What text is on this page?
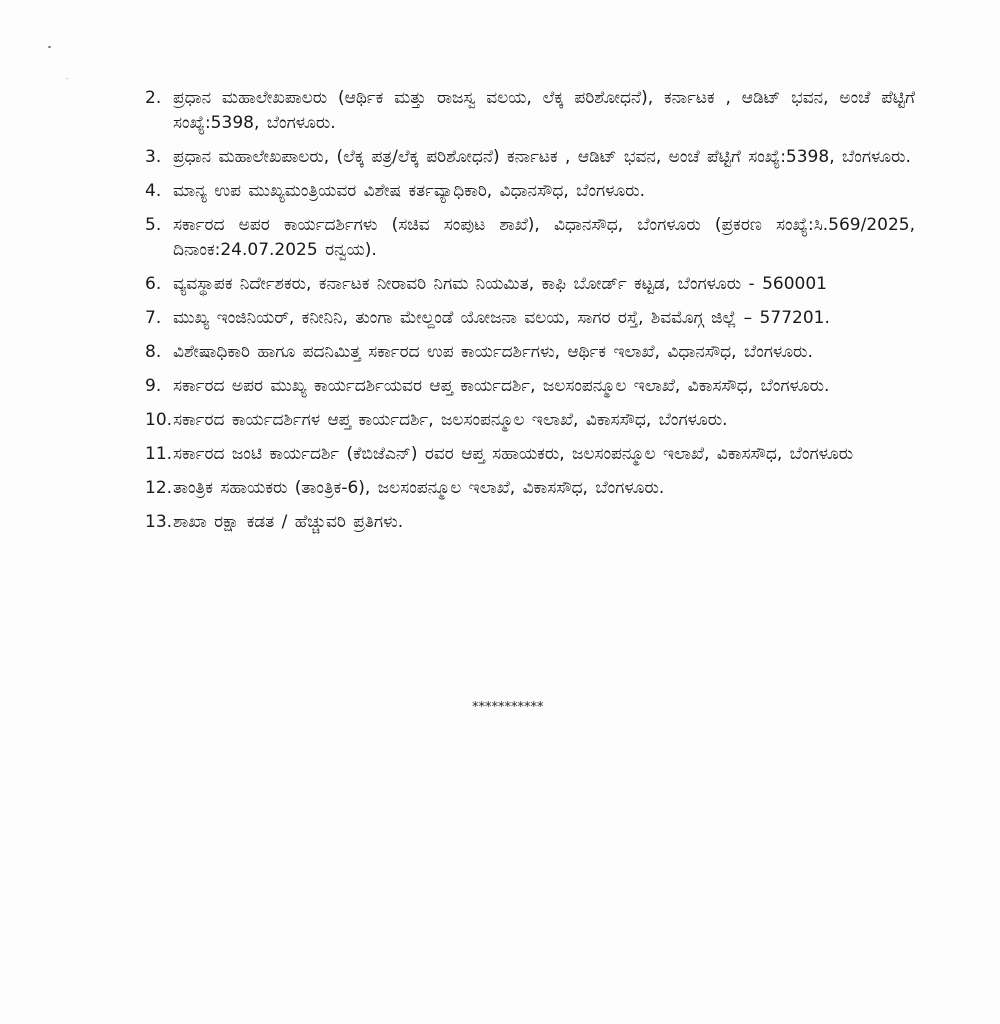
2. ಪ್ರಧಾನ ಮಹಾಲೇಖಪಾಲರು (ಆರ್ಥಿಕ ಮತ್ತು ರಾಜಸ್ವ ವಲಯ, ಲೆಕ್ಕ ಪರಿಶೋಧನೆ), ಕರ್ನಾಟಕ , ಆಡಿಟ್ ಭವನ, ಅಂಚೆ ಪೆಟ್ಟಿಗೆ ಸಂಖ್ಯೆ:5398, ಬೆಂಗಳೂರು.
3. ಪ್ರಧಾನ ಮಹಾಲೇಖಪಾಲರು, (ಲೆಕ್ಕ ಪತ್ರ/ಲೆಕ್ಕ ಪರಿಶೋಧನೆ) ಕರ್ನಾಟಕ , ಆಡಿಟ್ ಭವನ, ಅಂಚೆ ಪೆಟ್ಟಿಗೆ ಸಂಖ್ಯೆ:5398, ಬೆಂಗಳೂರು.
4. ಮಾನ್ಯ ಉಪ ಮುಖ್ಯಮಂತ್ರಿಯವರ ವಿಶೇಷ ಕರ್ತವ್ಯಾಧಿಕಾರಿ, ವಿಧಾನಸೌಧ, ಬೆಂಗಳೂರು.
5. ಸರ್ಕಾರದ ಅಪರ ಕಾರ್ಯದರ್ಶಿಗಳು (ಸಚಿವ ಸಂಪುಟ ಶಾಖೆ), ವಿಧಾನಸೌಧ, ಬೆಂಗಳೂರು (ಪ್ರಕರಣ ಸಂಖ್ಯೆ:ಸಿ.569/2025, ದಿನಾಂಕ:24.07.2025 ರನ್ವಯ).
6. ವ್ಯವಸ್ಥಾಪಕ ನಿರ್ದೇಶಕರು, ಕರ್ನಾಟಕ ನೀರಾವರಿ ನಿಗಮ ನಿಯಮಿತ, ಕಾಫಿ ಬೋರ್ಡ್ ಕಟ್ಟಡ, ಬೆಂಗಳೂರು - 560001
7. ಮುಖ್ಯ ಇಂಜಿನಿಯರ್, ಕನೀನಿನಿ, ತುಂಗಾ ಮೇಲ್ದಂಡೆ ಯೋಜನಾ ವಲಯ, ಸಾಗರ ರಸ್ತೆ, ಶಿವಮೊಗ್ಗ ಜಿಲ್ಲೆ – 577201.
8. ವಿಶೇಷಾಧಿಕಾರಿ ಹಾಗೂ ಪದನಿಮಿತ್ತ ಸರ್ಕಾರದ ಉಪ ಕಾರ್ಯದರ್ಶಿಗಳು, ಆರ್ಥಿಕ ಇಲಾಖೆ, ವಿಧಾನಸೌಧ, ಬೆಂಗಳೂರು.
9. ಸರ್ಕಾರದ ಅಪರ ಮುಖ್ಯ ಕಾರ್ಯದರ್ಶಿಯವರ ಆಪ್ತ ಕಾರ್ಯದರ್ಶಿ, ಜಲಸಂಪನ್ಮೂಲ ಇಲಾಖೆ, ವಿಕಾಸಸೌಧ, ಬೆಂಗಳೂರು.
10. ಸರ್ಕಾರದ ಕಾರ್ಯದರ್ಶಿಗಳ ಆಪ್ತ ಕಾರ್ಯದರ್ಶಿ, ಜಲಸಂಪನ್ಮೂಲ ಇಲಾಖೆ, ವಿಕಾಸಸೌಧ, ಬೆಂಗಳೂರು.
11. ಸರ್ಕಾರದ ಜಂಟಿ ಕಾರ್ಯದರ್ಶಿ (ಕೆಬಿಜೆಎನ್) ರವರ ಆಪ್ತ ಸಹಾಯಕರು, ಜಲಸಂಪನ್ಮೂಲ ಇಲಾಖೆ, ವಿಕಾಸಸೌಧ, ಬೆಂಗಳೂರು
12. ತಾಂತ್ರಿಕ ಸಹಾಯಕರು (ತಾಂತ್ರಿಕ-6), ಜಲಸಂಪನ್ಮೂಲ ಇಲಾಖೆ, ವಿಕಾಸಸೌಧ, ಬೆಂಗಳೂರು.
13. ಶಾಖಾ ರಕ್ಷಾ ಕಡತ / ಹೆಚ್ಚುವರಿ ಪ್ರತಿಗಳು.
***********
